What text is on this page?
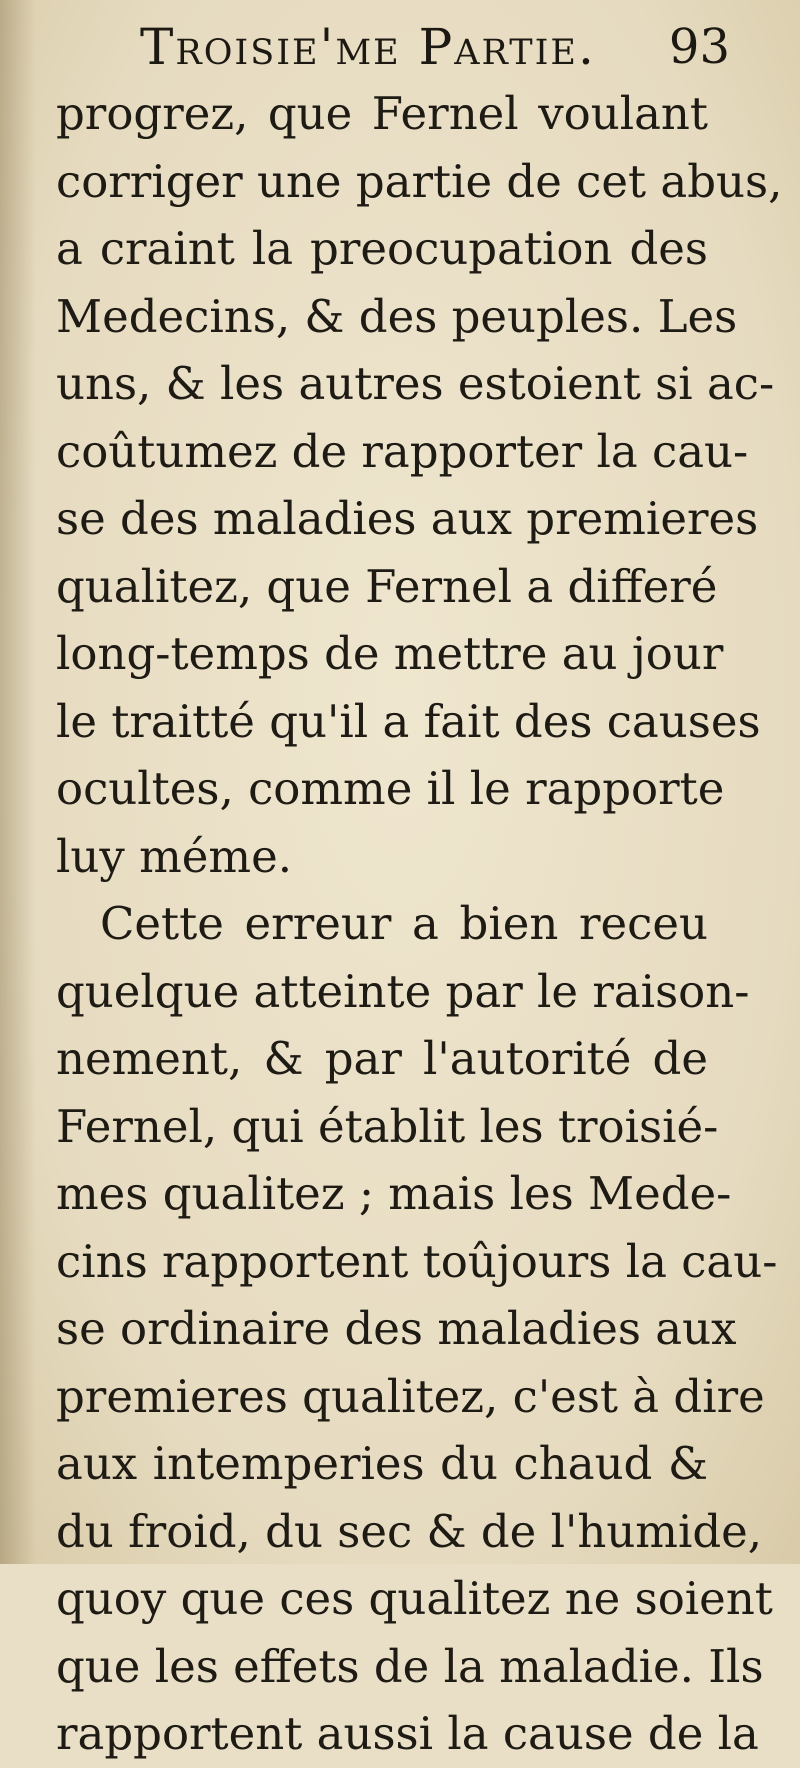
Troisie'me Partie. 93
progrez, que Fernel voulant
corriger une partie de cet abus,
a craint la preocupation des
Medecins, & des peuples. Les
uns, & les autres estoient si ac-
coûtumez de rapporter la cau-
se des maladies aux premieres
qualitez, que Fernel a differé
long-temps de mettre au jour
le traitté qu'il a fait des causes
ocultes, comme il le rapporte
luy méme.
Cette erreur a bien receu
quelque atteinte par le raison-
nement, & par l'autorité de
Fernel, qui établit les troisié-
mes qualitez ; mais les Mede-
cins rapportent toûjours la cau-
se ordinaire des maladies aux
premieres qualitez, c'est à dire
aux intemperies du chaud &
du froid, du sec & de l'humide,
quoy que ces qualitez ne soient
que les effets de la maladie. Ils
rapportent aussi la cause de la
